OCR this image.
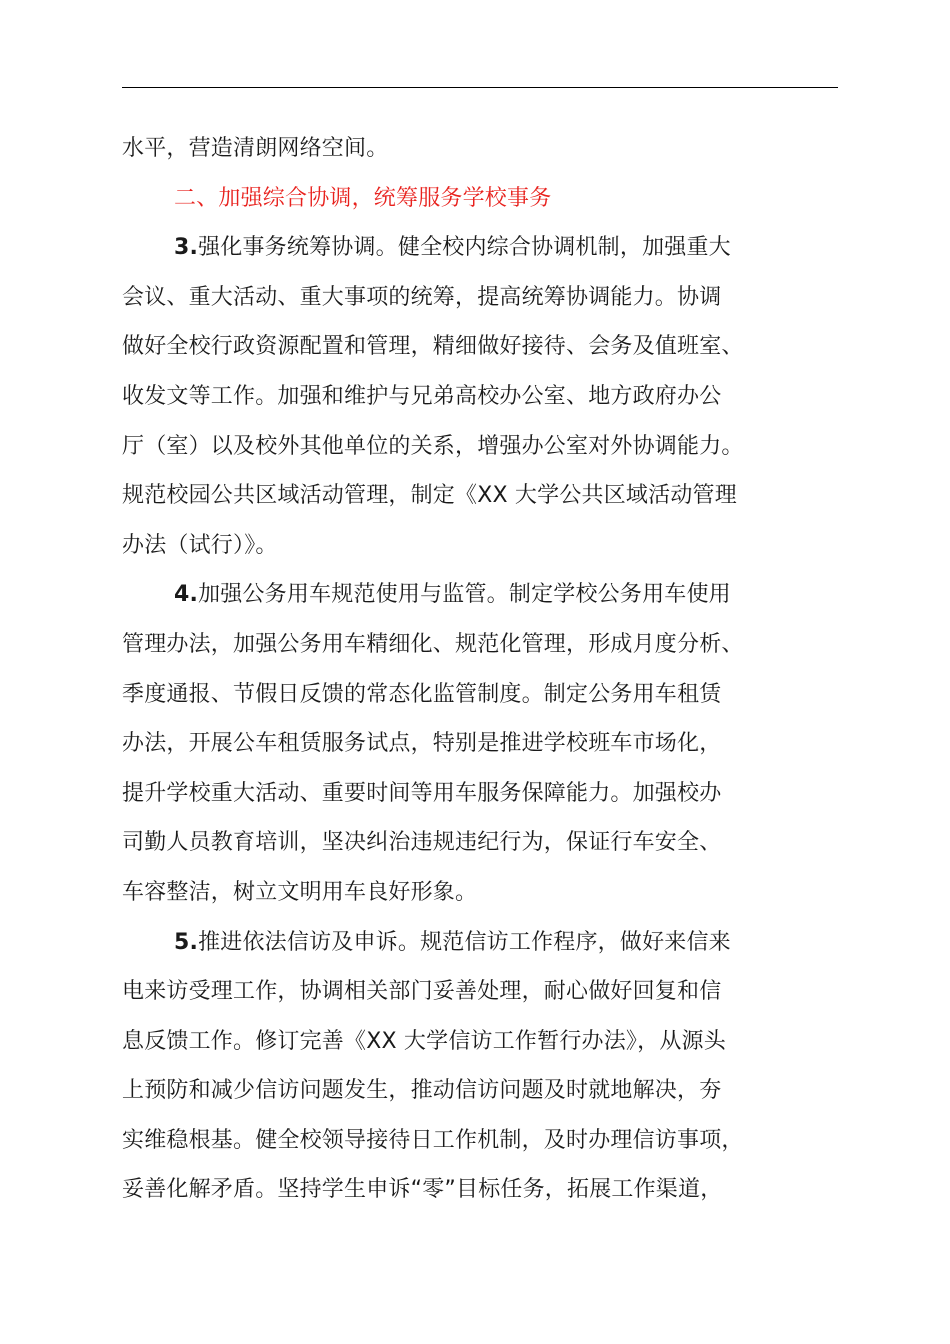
水平，营造清朗网络空间。
二、加强综合协调，统筹服务学校事务
3.强化事务统筹协调。健全校内综合协调机制，加强重大
会议、重大活动、重大事项的统筹，提高统筹协调能力。协调
做好全校行政资源配置和管理，精细做好接待、会务及值班室、
收发文等工作。加强和维护与兄弟高校办公室、地方政府办公
厅（室）以及校外其他单位的关系，增强办公室对外协调能力。
规范校园公共区域活动管理，制定《XX 大学公共区域活动管理
办法（试行）》。
4.加强公务用车规范使用与监管。制定学校公务用车使用
管理办法，加强公务用车精细化、规范化管理，形成月度分析、
季度通报、节假日反馈的常态化监管制度。制定公务用车租赁
办法，开展公车租赁服务试点，特别是推进学校班车市场化，
提升学校重大活动、重要时间等用车服务保障能力。加强校办
司勤人员教育培训，坚决纠治违规违纪行为，保证行车安全、
车容整洁，树立文明用车良好形象。
5.推进依法信访及申诉。规范信访工作程序，做好来信来
电来访受理工作，协调相关部门妥善处理，耐心做好回复和信
息反馈工作。修订完善《XX 大学信访工作暂行办法》，从源头
上预防和减少信访问题发生，推动信访问题及时就地解决，夯
实维稳根基。健全校领导接待日工作机制，及时办理信访事项，
妥善化解矛盾。坚持学生申诉“零”目标任务，拓展工作渠道，
